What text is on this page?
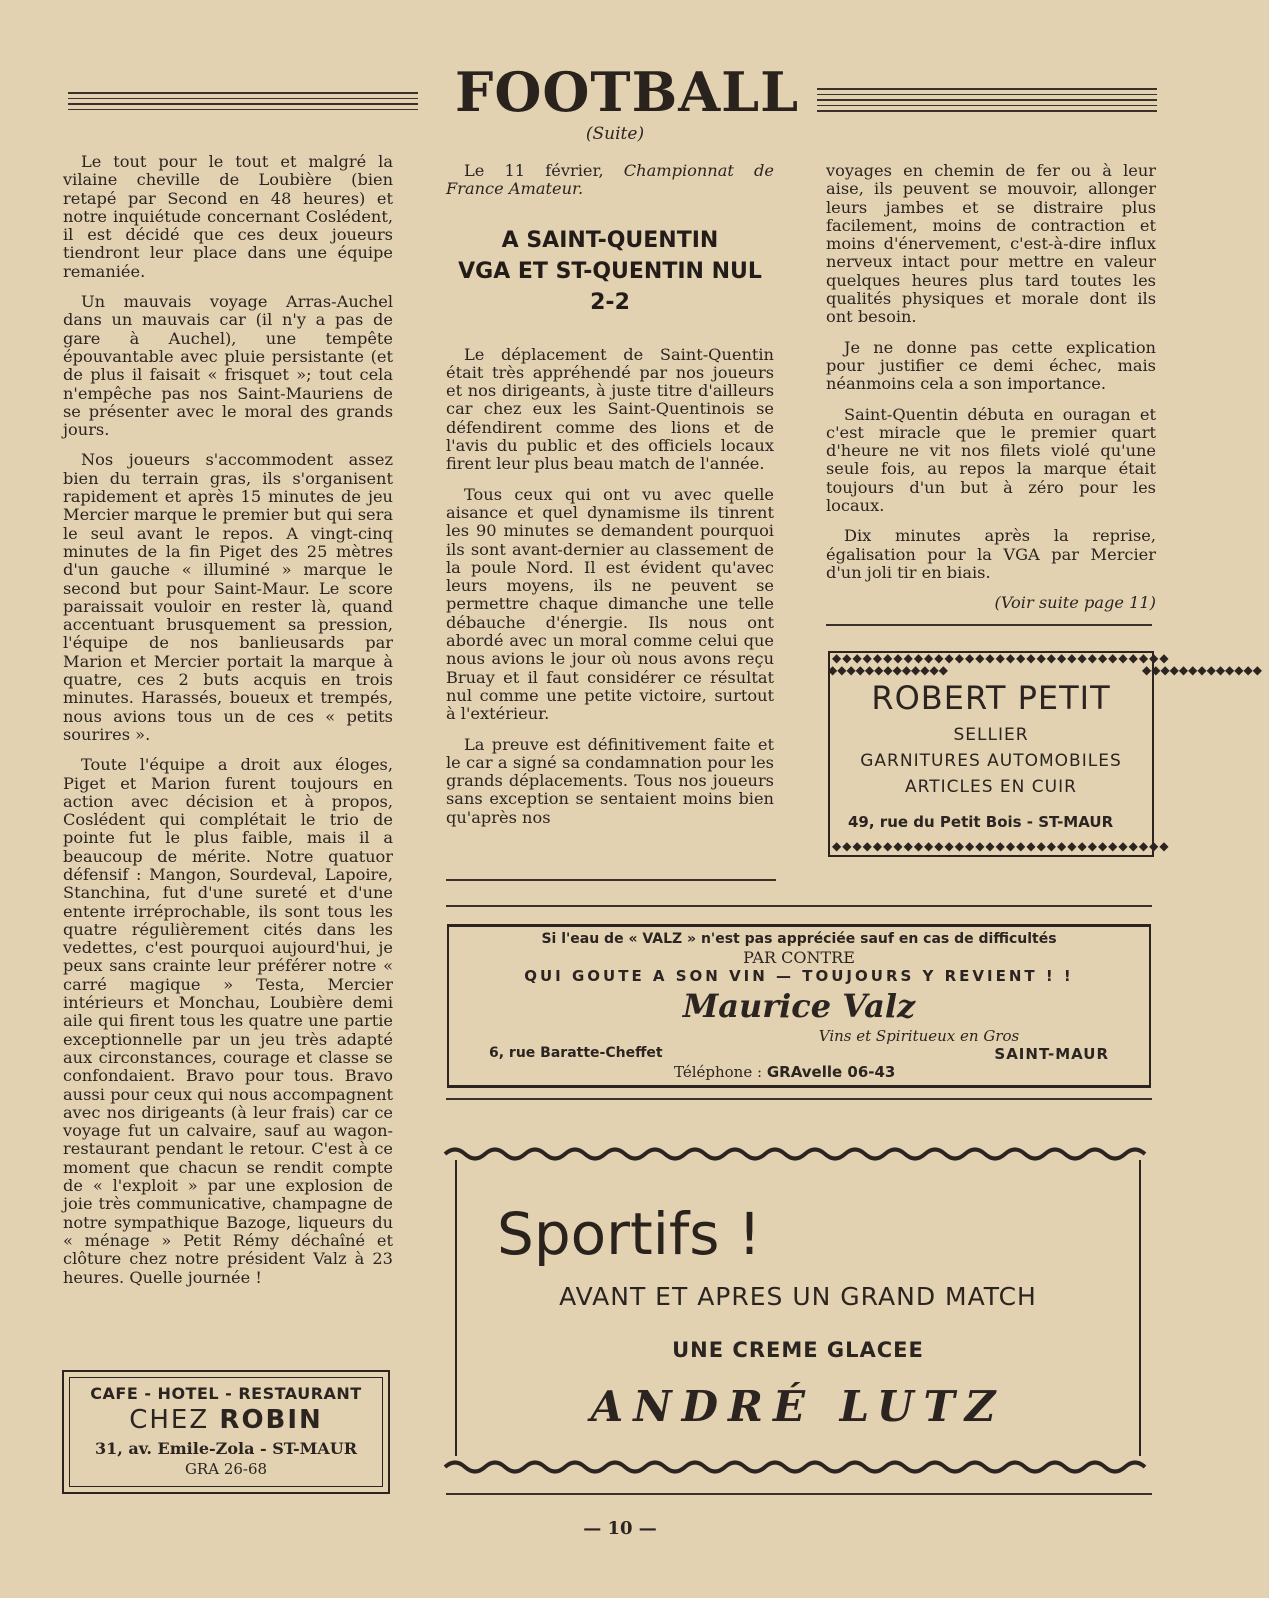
FOOTBALL
(Suite)

Le tout pour le tout et malgré la vilaine cheville de Loubière (bien retapé par Second en 48 heures) et notre inquiétude concernant Coslédent, il est décidé que ces deux joueurs tiendront leur place dans une équipe remaniée.

Un mauvais voyage Arras-Auchel dans un mauvais car (il n'y a pas de gare à Auchel), une tempête épouvantable avec pluie persistante (et de plus il faisait « frisquet »; tout cela n'empêche pas nos Saint-Mauriens de se présenter avec le moral des grands jours.

Nos joueurs s'accommodent assez bien du terrain gras, ils s'organisent rapidement et après 15 minutes de jeu Mercier marque le premier but qui sera le seul avant le repos. A vingt-cinq minutes de la fin Piget des 25 mètres d'un gauche « illuminé » marque le second but pour Saint-Maur. Le score paraissait vouloir en rester là, quand accentuant brusquement sa pression, l'équipe de nos banlieusards par Marion et Mercier portait la marque à quatre, ces 2 buts acquis en trois minutes. Harassés, boueux et trempés, nous avions tous un de ces « petits sourires ».

Toute l'équipe a droit aux éloges, Piget et Marion furent toujours en action avec décision et à propos, Coslédent qui complétait le trio de pointe fut le plus faible, mais il a beaucoup de mérite. Notre quatuor défensif : Mangon, Sourdeval, Lapoire, Stanchina, fut d'une sureté et d'une entente irréprochable, ils sont tous les quatre régulièrement cités dans les vedettes, c'est pourquoi aujourd'hui, je peux sans crainte leur préférer notre « carré magique » Testa, Mercier intérieurs et Monchau, Loubière demi aile qui firent tous les quatre une partie exceptionnelle par un jeu très adapté aux circonstances, courage et classe se confondaient. Bravo pour tous. Bravo aussi pour ceux qui nous accompagnent avec nos dirigeants (à leur frais) car ce voyage fut un calvaire, sauf au wagon-restaurant pendant le retour. C'est à ce moment que chacun se rendit compte de « l'exploit » par une explosion de joie très communicative, champagne de notre sympathique Bazoge, liqueurs du « ménage » Petit Rémy déchaîné et clôture chez notre président Valz à 23 heures. Quelle journée !

Le 11 février, Championnat de France Amateur.

A SAINT-QUENTIN
VGA ET ST-QUENTIN NUL
2-2

Le déplacement de Saint-Quentin était très appréhendé par nos joueurs et nos dirigeants, à juste titre d'ailleurs car chez eux les Saint-Quentinois se défendirent comme des lions et de l'avis du public et des officiels locaux firent leur plus beau match de l'année.

Tous ceux qui ont vu avec quelle aisance et quel dynamisme ils tinrent les 90 minutes se demandent pourquoi ils sont avant-dernier au classement de la poule Nord. Il est évident qu'avec leurs moyens, ils ne peuvent se permettre chaque dimanche une telle débauche d'énergie. Ils nous ont abordé avec un moral comme celui que nous avions le jour où nous avons reçu Bruay et il faut considérer ce résultat nul comme une petite victoire, surtout à l'extérieur.

La preuve est définitivement faite et le car a signé sa condamnation pour les grands déplacements. Tous nos joueurs sans exception se sentaient moins bien qu'après nos

voyages en chemin de fer ou à leur aise, ils peuvent se mouvoir, allonger leurs jambes et se distraire plus facilement, moins de contraction et moins d'énervement, c'est-à-dire influx nerveux intact pour mettre en valeur quelques heures plus tard toutes les qualités physiques et morale dont ils ont besoin.

Je ne donne pas cette explication pour justifier ce demi échec, mais néanmoins cela a son importance.

Saint-Quentin débuta en ouragan et c'est miracle que le premier quart d'heure ne vit nos filets violé qu'une seule fois, au repos la marque était toujours d'un but à zéro pour les locaux.

Dix minutes après la reprise, égalisation pour la VGA par Mercier d'un joli tir en biais.

(Voir suite page 11)
◆◆◆◆◆◆◆◆◆◆◆◆◆◆◆◆◆◆◆◆◆◆◆◆◆◆◆◆◆◆◆◆◆
◆◆◆◆◆◆◆◆◆◆◆◆◆◆◆◆◆◆◆◆◆◆◆◆◆◆◆◆◆◆◆◆◆
◆◆◆◆◆◆◆◆◆◆◆◆◆	◆◆◆◆◆◆◆◆◆◆◆◆◆
ROBERT PETIT
SELLIER
GARNITURES AUTOMOBILES
ARTICLES EN CUIR
49, rue du Petit Bois - ST-MAUR
Si l'eau de « VALZ » n'est pas appréciée sauf en cas de difficultés
PAR CONTRE
QUI GOUTE A SON VIN — TOUJOURS Y REVIENT ! !
Maurice Valz
Vins et Spiritueux en Gros
6, rue Baratte-Cheffet	SAINT-MAUR
Téléphone : GRAvelle 06-43
Sportifs !
AVANT ET APRES UN GRAND MATCH
UNE CREME GLACEE
ANDRÉ LUTZ
CAFE - HOTEL - RESTAURANT
CHEZ ROBIN
31, av. Emile-Zola - ST-MAUR
GRA 26-68
— 10 —
